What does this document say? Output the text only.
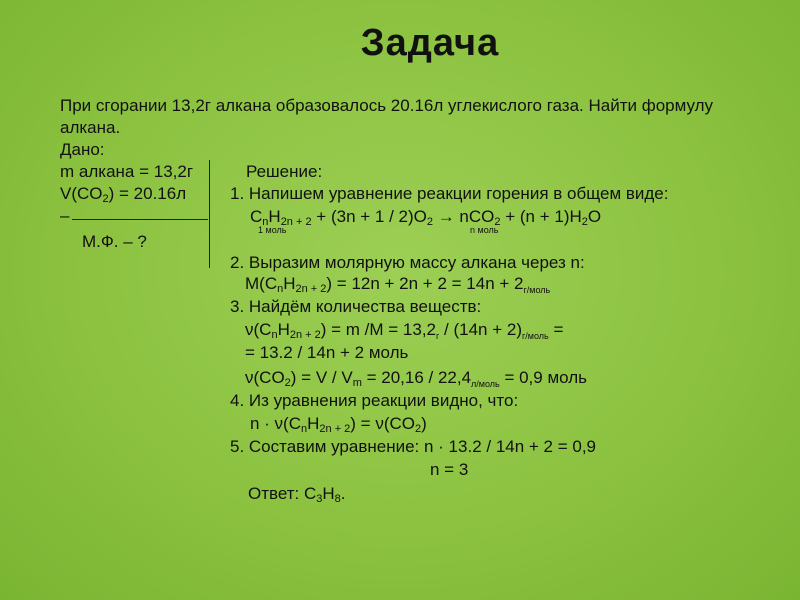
Задача
При сгорании 13,2г алкана образовалось 20.16л углекислого газа. Найти формулу
алкана.
Дано:
m алкана = 13,2г
$V(CO_2) = 20.16л$
–
М.Ф. – ?
Решение:
1. Напишем уравнение реакции горения в общем виде:
$C_nH_{2n + 2} + (3n + 1 / 2)O_2 \to nCO_2 + (n + 1)H_2O$
1 моль	n моль
2. Выразим молярную массу алкана через n:
$M(C_nH_{2n + 2}) = 12n + 2n + 2 = 14n + 2_{г/моль}$
3. Найдём количества веществ:
$\nu(C_nH_{2n + 2}) = m$ $/M = 13,2_г / (14n + 2)_{г/моль}$ =
= 13.2 / 14n + 2 моль
$\nu(CO_2) = V / V_m = 20,16 / 22,4_{л/моль} = 0,9$ моль
4. Из уравнения реакции видно, что:
$n \cdot \nu(C_nH_{2n + 2}) = \nu(CO_2)$
5. Составим уравнение: n · 13.2 / 14n + 2 = 0,9
n = 3
Ответ: $C_3H_8$.
